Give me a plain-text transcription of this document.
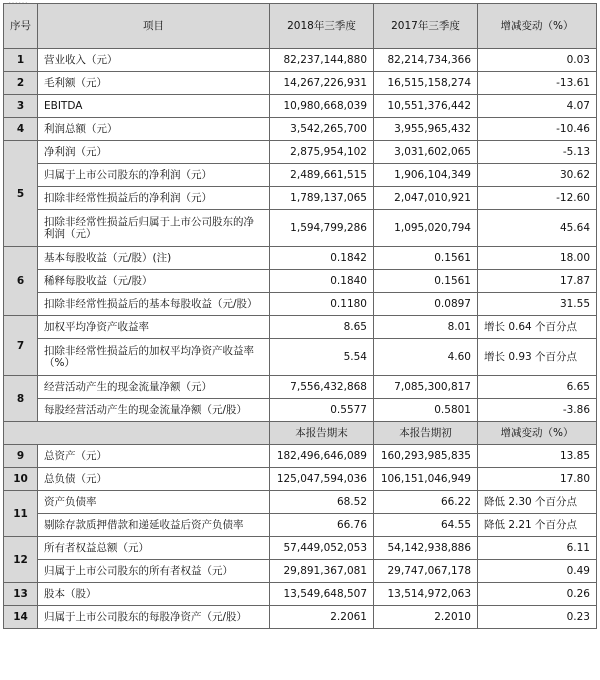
序号	项目	2018年三季度	2017年三季度	增减变动（%）
1	营业收入（元）	82,237,144,880	82,214,734,366	0.03
2	毛利额（元）	14,267,226,931	16,515,158,274	-13.61
3	EBITDA	10,980,668,039	10,551,376,442	4.07
4	利润总额（元）	3,542,265,700	3,955,965,432	-10.46
5	净利润（元）	2,875,954,102	3,031,602,065	-5.13
	归属于上市公司股东的净利润（元）	2,489,661,515	1,906,104,349	30.62
	扣除非经常性损益后的净利润（元）	1,789,137,065	2,047,010,921	-12.60
	扣除非经常性损益后归属于上市公司股东的净利润（元）	1,594,799,286	1,095,020,794	45.64
6	基本每股收益（元/股）(注)	0.1842	0.1561	18.00
	稀释每股收益（元/股）	0.1840	0.1561	17.87
	扣除非经常性损益后的基本每股收益（元/股）	0.1180	0.0897	31.55
7	加权平均净资产收益率	8.65	8.01	增长 0.64 个百分点
	扣除非经常性损益后的加权平均净资产收益率（%）	5.54	4.60	增长 0.93 个百分点
8	经营活动产生的现金流量净额（元）	7,556,432,868	7,085,300,817	6.65
	每股经营活动产生的现金流量净额（元/股）	0.5577	0.5801	-3.86
		本报告期末	本报告期初	增减变动（%）
9	总资产（元）	182,496,646,089	160,293,985,835	13.85
10	总负债（元）	125,047,594,036	106,151,046,949	17.80
11	资产负债率	68.52	66.22	降低 2.30 个百分点
	剔除存款质押借款和递延收益后资产负债率	66.76	64.55	降低 2.21 个百分点
12	所有者权益总额（元）	57,449,052,053	54,142,938,886	6.11
	归属于上市公司股东的所有者权益（元）	29,891,367,081	29,747,067,178	0.49
13	股本（股）	13,549,648,507	13,514,972,063	0.26
14	归属于上市公司股东的每股净资产（元/股）	2.2061	2.2010	0.23
